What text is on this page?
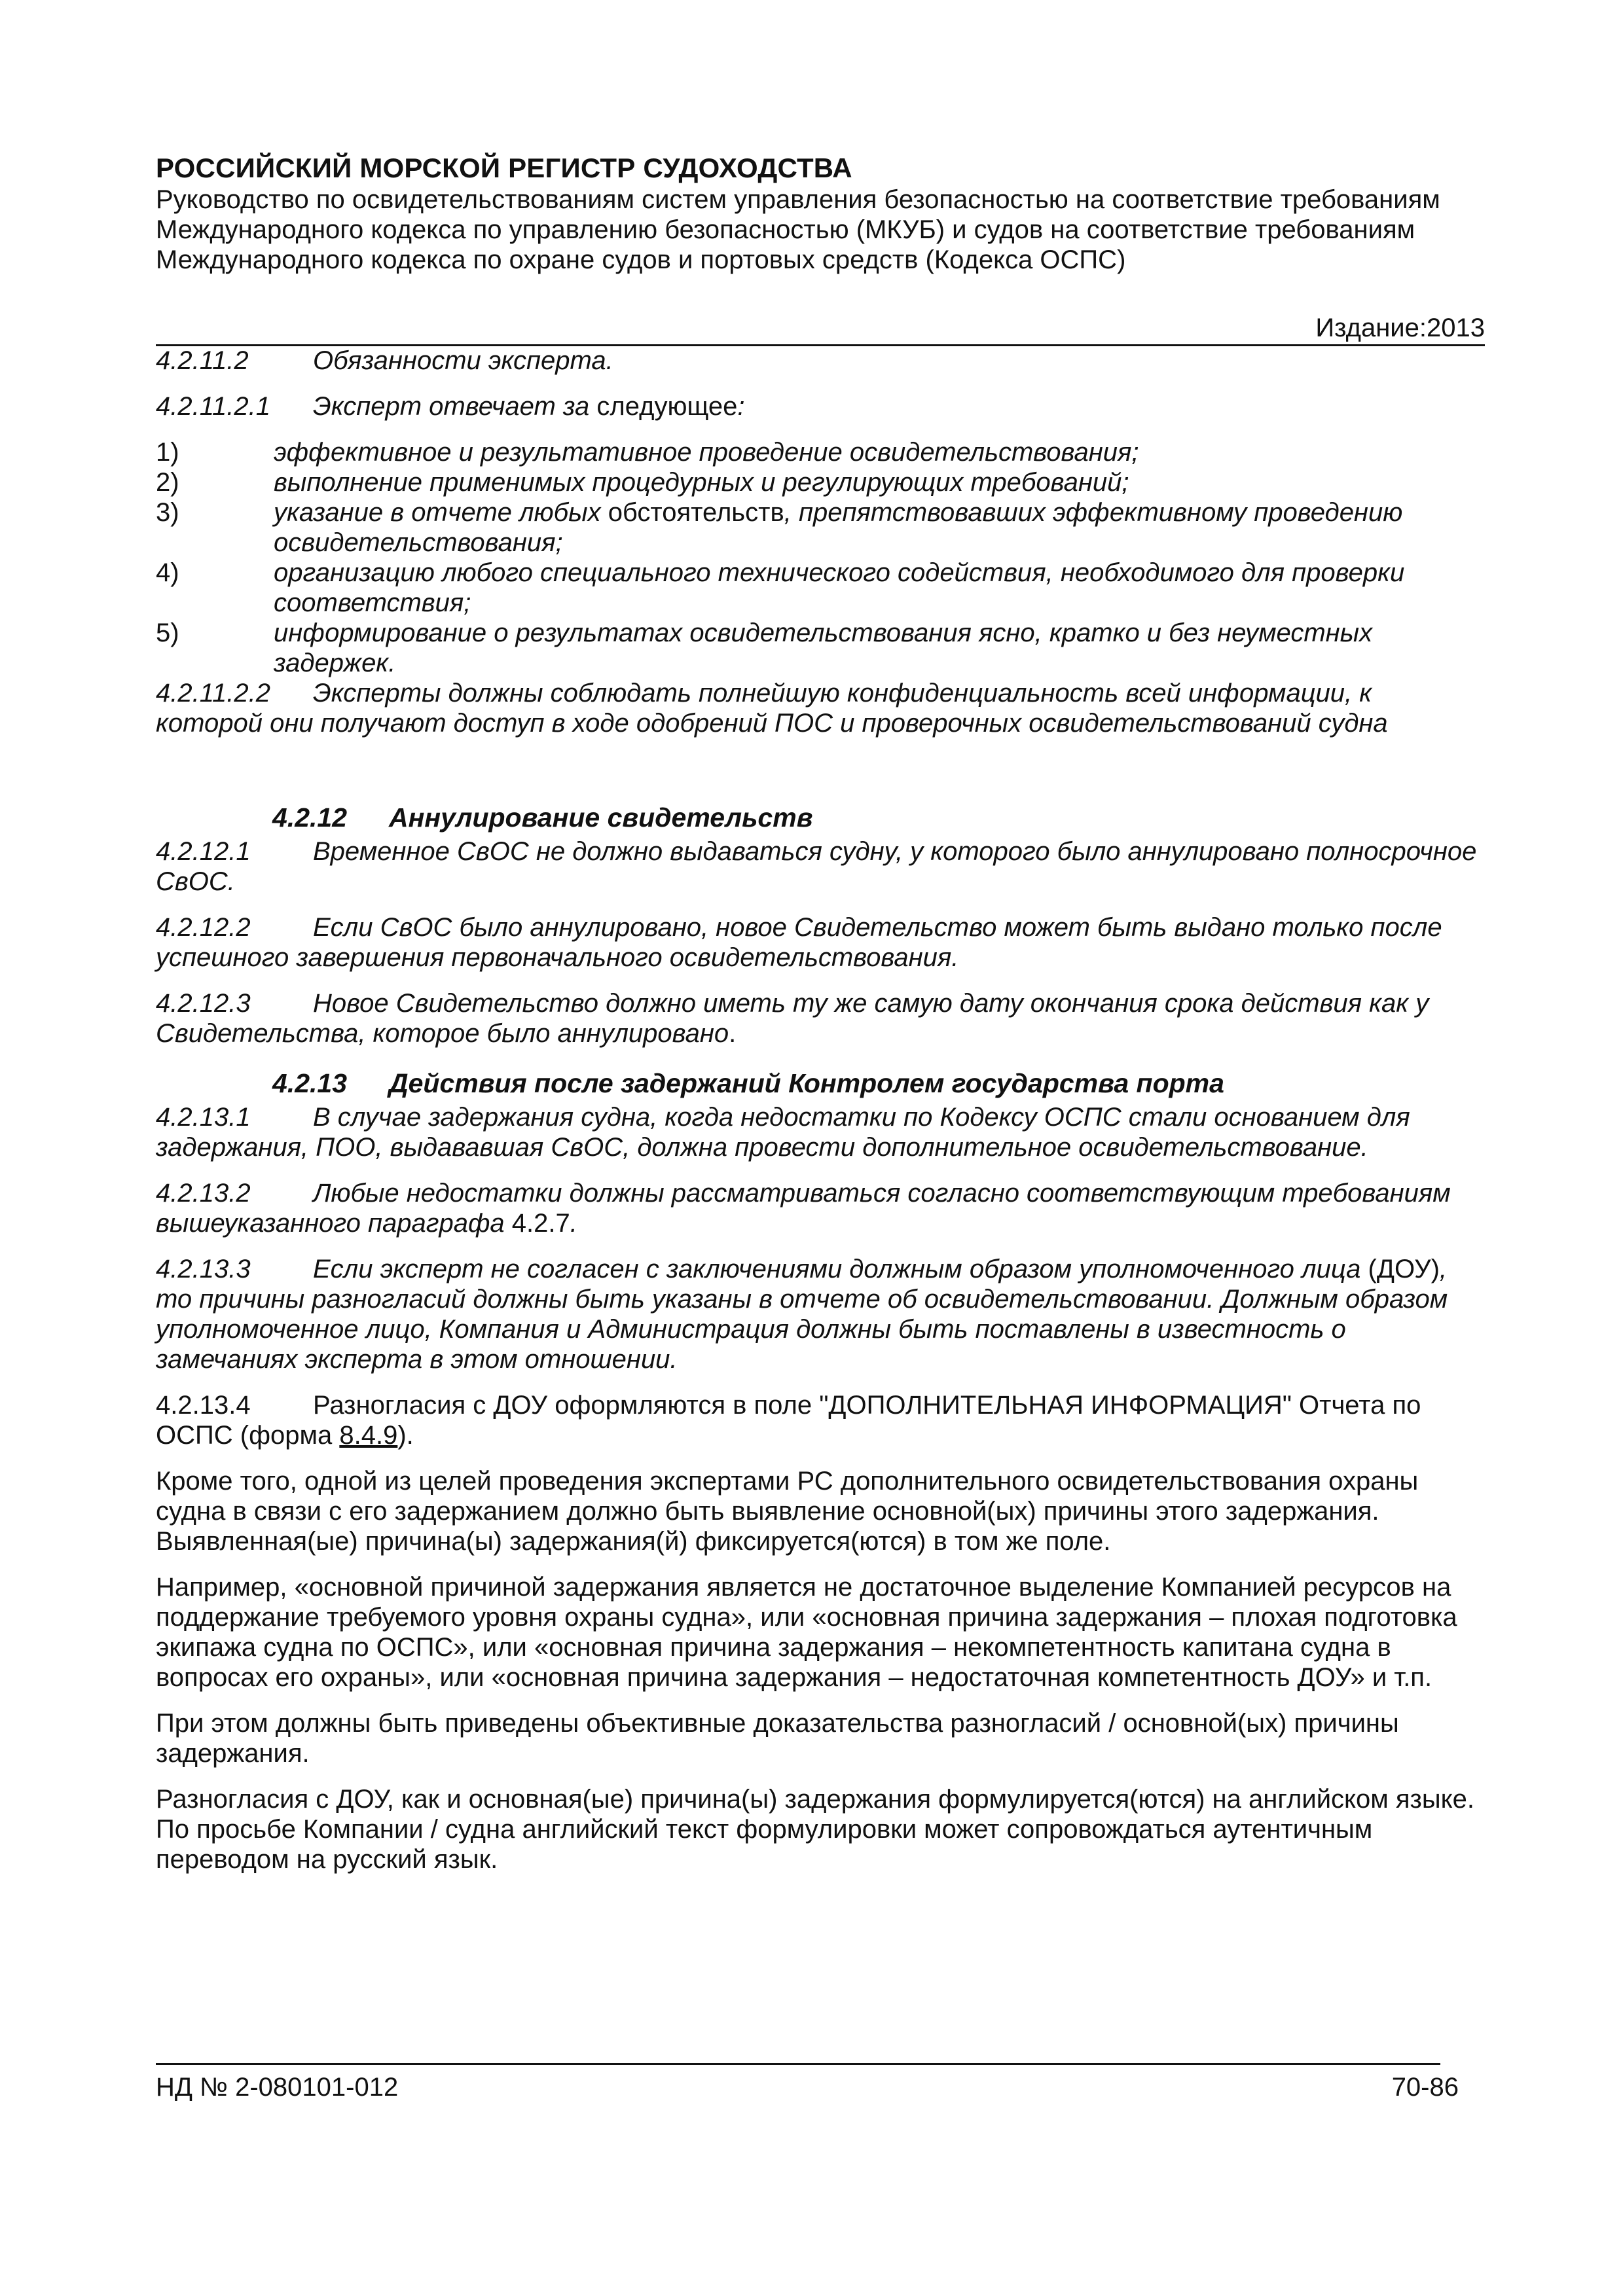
РОССИЙСКИЙ МОРСКОЙ РЕГИСТР СУДОХОДСТВА
Руководство по освидетельствованиям систем управления безопасностью на соответствие требованиям Международного кодекса по управлению безопасностью (МКУБ) и судов на соответствие требованиям Международного кодекса по охране судов и портовых средств (Кодекса ОСПС)
Издание:2013

4.2.11.2 Обязанности эксперта.

4.2.11.2.1 Эксперт отвечает за следующее:

1)	эффективное и результативное проведение освидетельствования;
2)	выполнение применимых процедурных и регулирующих требований;
3)	указание в отчете любых обстоятельств, препятствовавших эффективному проведению освидетельствования;
4)	организацию любого специального технического содействия, необходимого для проверки соответствия;
5)	информирование о результатах освидетельствования ясно, кратко и без неуместных задержек.

4.2.11.2.2 Эксперты должны соблюдать полнейшую конфиденциальность всей информации, к которой они получают доступ в ходе одобрений ПОС и проверочных освидетельствований судна

4.2.12 Аннулирование свидетельств

4.2.12.1 Временное СвОС не должно выдаваться судну, у которого было аннулировано полносрочное СвОС.

4.2.12.2 Если СвОС было аннулировано, новое Свидетельство может быть выдано только после успешного завершения первоначального освидетельствования.

4.2.12.3 Новое Свидетельство должно иметь ту же самую дату окончания срока действия как у Свидетельства, которое было аннулировано.

4.2.13 Действия после задержаний Контролем государства порта

4.2.13.1 В случае задержания судна, когда недостатки по Кодексу ОСПС стали основанием для задержания, ПОО, выдававшая СвОС, должна провести дополнительное освидетельствование.

4.2.13.2 Любые недостатки должны рассматриваться согласно соответствующим требованиям вышеуказанного параграфа 4.2.7.

4.2.13.3 Если эксперт не согласен с заключениями должным образом уполномоченного лица (ДОУ), то причины разногласий должны быть указаны в отчете об освидетельствовании. Должным образом уполномоченное лицо, Компания и Администрация должны быть поставлены в известность о замечаниях эксперта в этом отношении.

4.2.13.4 Разногласия с ДОУ оформляются в поле "ДОПОЛНИТЕЛЬНАЯ ИНФОРМАЦИЯ" Отчета по ОСПС (форма 8.4.9).

Кроме того, одной из целей проведения экспертами РС дополнительного освидетельствования охраны судна в связи с его задержанием должно быть выявление основной(ых) причины этого задержания. Выявленная(ые) причина(ы) задержания(й) фиксируется(ются) в том же поле.

Например, «основной причиной задержания является не достаточное выделение Компанией ресурсов на поддержание требуемого уровня охраны судна», или «основная причина задержания – плохая подготовка экипажа судна по ОСПС», или «основная причина задержания – некомпетентность капитана судна в вопросах его охраны», или «основная причина задержания – недостаточная компетентность ДОУ» и т.п.

При этом должны быть приведены объективные доказательства разногласий / основной(ых) причины задержания.

Разногласия с ДОУ, как и основная(ые) причина(ы) задержания формулируется(ются) на английском языке. По просьбе Компании / судна английский текст формулировки может сопровождаться аутентичным переводом на русский язык.

НД № 2-080101-012	70-86
